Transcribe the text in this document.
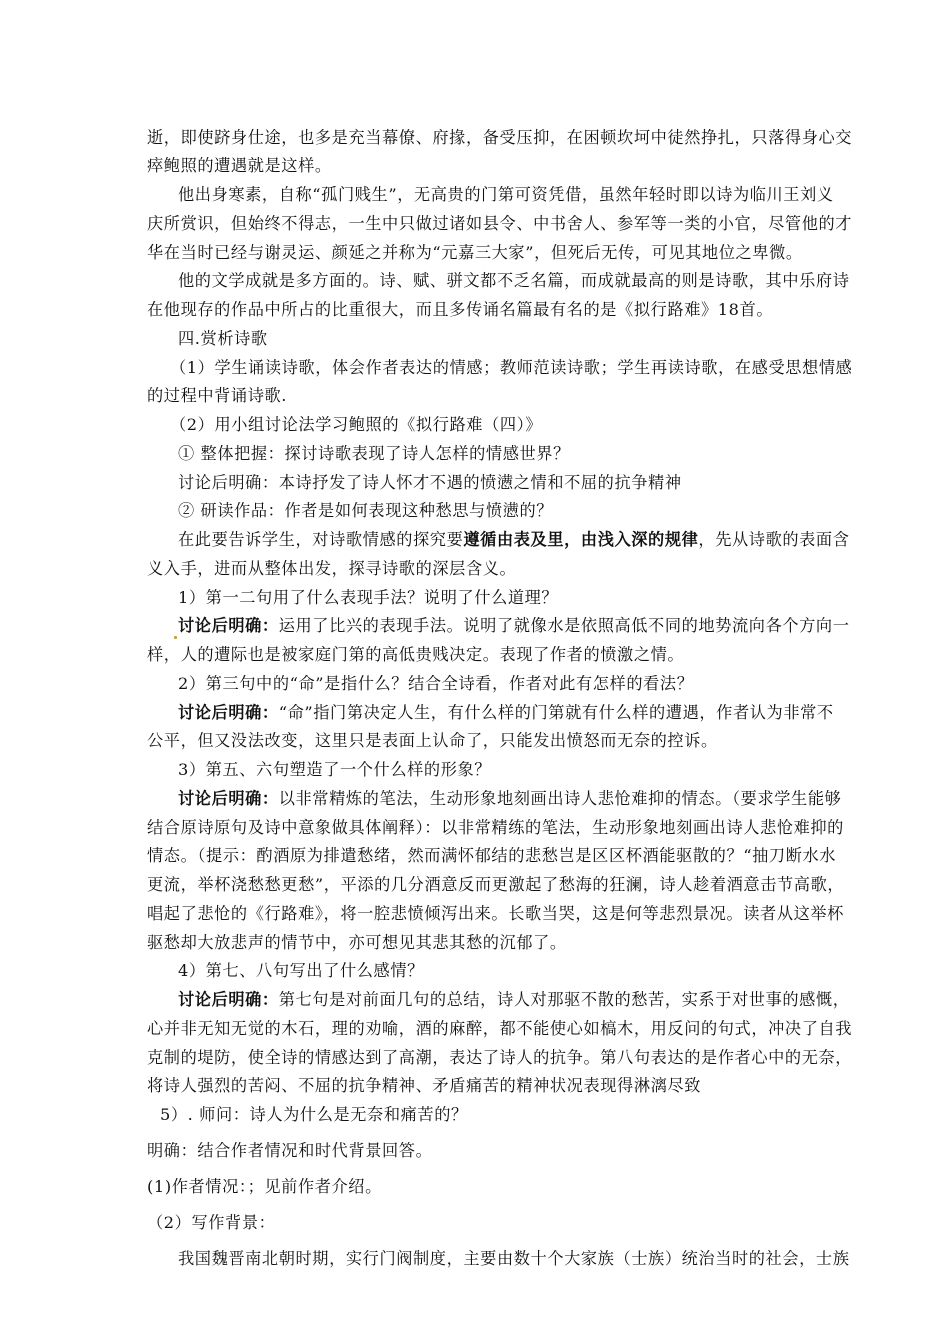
逝，即使跻身仕途，也多是充当幕僚、府掾，备受压抑，在困顿坎坷中徒然挣扎，只落得身心交
瘁鲍照的遭遇就是这样。
他出身寒素，自称“孤门贱生”，无高贵的门第可资凭借，虽然年轻时即以诗为临川王刘义
庆所赏识，但始终不得志，一生中只做过诸如县令、中书舍人、参军等一类的小官，尽管他的才
华在当时已经与谢灵运、颜延之并称为“元嘉三大家”，但死后无传，可见其地位之卑微。
他的文学成就是多方面的。诗、赋、骈文都不乏名篇，而成就最高的则是诗歌，其中乐府诗
在他现存的作品中所占的比重很大，而且多传诵名篇最有名的是《拟行路难》18首。
四.赏析诗歌
（1）学生诵读诗歌，体会作者表达的情感；教师范读诗歌；学生再读诗歌，在感受思想情感
的过程中背诵诗歌.
（2）用小组讨论法学习鲍照的《拟行路难（四）》
① 整体把握：探讨诗歌表现了诗人怎样的情感世界？
讨论后明确：本诗抒发了诗人怀才不遇的愤懑之情和不屈的抗争精神
② 研读作品：作者是如何表现这种愁思与愤懑的？
在此要告诉学生，对诗歌情感的探究要遵循由表及里，由浅入深的规律，先从诗歌的表面含
义入手，进而从整体出发，探寻诗歌的深层含义。
1）第一二句用了什么表现手法？说明了什么道理？
讨论后明确：运用了比兴的表现手法。说明了就像水是依照高低不同的地势流向各个方向一
样，人的遭际也是被家庭门第的高低贵贱决定。表现了作者的愤激之情。
2）第三句中的“命”是指什么？结合全诗看，作者对此有怎样的看法？
讨论后明确：“命”指门第决定人生，有什么样的门第就有什么样的遭遇，作者认为非常不
公平，但又没法改变，这里只是表面上认命了，只能发出愤怒而无奈的控诉。
3）第五、六句塑造了一个什么样的形象？
讨论后明确：以非常精炼的笔法，生动形象地刻画出诗人悲怆难抑的情态。（要求学生能够
结合原诗原句及诗中意象做具体阐释）：以非常精练的笔法，生动形象地刻画出诗人悲怆难抑的
情态。（提示：酌酒原为排遣愁绪，然而满怀郁结的悲愁岂是区区杯酒能驱散的？“抽刀断水水
更流，举杯浇愁愁更愁”，平添的几分酒意反而更激起了愁海的狂澜，诗人趁着酒意击节高歌，
唱起了悲怆的《行路难》，将一腔悲愤倾泻出来。长歌当哭，这是何等悲烈景况。读者从这举杯
驱愁却大放悲声的情节中，亦可想见其悲其愁的沉郁了。
4）第七、八句写出了什么感情？
讨论后明确：第七句是对前面几句的总结，诗人对那驱不散的愁苦，实系于对世事的感慨，
心并非无知无觉的木石，理的劝喻，酒的麻醉，都不能使心如槁木，用反问的句式，冲决了自我
克制的堤防，使全诗的情感达到了高潮，表达了诗人的抗争。第八句表达的是作者心中的无奈，
将诗人强烈的苦闷、不屈的抗争精神、矛盾痛苦的精神状况表现得淋漓尽致
5）. 师问：诗人为什么是无奈和痛苦的？
明确：结合作者情况和时代背景回答。
(1)作者情况：；见前作者介绍。
（2）写作背景：
我国魏晋南北朝时期，实行门阀制度，主要由数十个大家族（士族）统治当时的社会，士族
